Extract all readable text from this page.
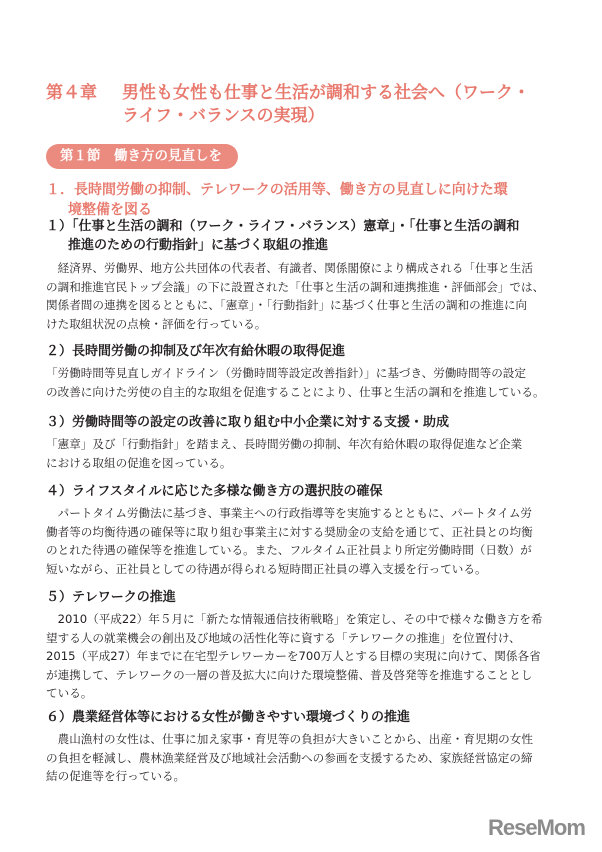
第４章 男性も女性も仕事と生活が調和する社会へ（ワーク・
ライフ・バランスの実現）
第１節　働き方の見直しを
１．長時間労働の抑制、テレワークの活用等、働き方の見直しに向けた環
境整備を図る
１）「仕事と生活の調和（ワーク・ライフ・バランス）憲章」・「仕事と生活の調和
推進のための行動指針」に基づく取組の推進
　経済界、労働界、地方公共団体の代表者、有識者、関係閣僚により構成される「仕事と生活
の調和推進官民トップ会議」の下に設置された「仕事と生活の調和連携推進・評価部会」では、
関係者間の連携を図るとともに、「憲章」・「行動指針」に基づく仕事と生活の調和の推進に向
けた取組状況の点検・評価を行っている。
２）長時間労働の抑制及び年次有給休暇の取得促進
「労働時間等見直しガイドライン（労働時間等設定改善指針）」に基づき、労働時間等の設定
の改善に向けた労使の自主的な取組を促進することにより、仕事と生活の調和を推進している。
３）労働時間等の設定の改善に取り組む中小企業に対する支援・助成
「憲章」及び「行動指針」を踏まえ、長時間労働の抑制、年次有給休暇の取得促進など企業
における取組の促進を図っている。
４）ライフスタイルに応じた多様な働き方の選択肢の確保
　パートタイム労働法に基づき、事業主への行政指導等を実施するとともに、パートタイム労
働者等の均衡待遇の確保等に取り組む事業主に対する奨励金の支給を通じて、正社員との均衡
のとれた待遇の確保等を推進している。また、フルタイム正社員より所定労働時間（日数）が
短いながら、正社員としての待遇が得られる短時間正社員の導入支援を行っている。
５）テレワークの推進
　2010（平成22）年５月に「新たな情報通信技術戦略」を策定し、その中で様々な働き方を希
望する人の就業機会の創出及び地域の活性化等に資する「テレワークの推進」を位置付け、
2015（平成27）年までに在宅型テレワーカーを700万人とする目標の実現に向けて、関係各省
が連携して、テレワークの一層の普及拡大に向けた環境整備、普及啓発等を推進することとし
ている。
６）農業経営体等における女性が働きやすい環境づくりの推進
　農山漁村の女性は、仕事に加え家事・育児等の負担が大きいことから、出産・育児期の女性
の負担を軽減し、農林漁業経営及び地域社会活動への参画を支援するため、家族経営協定の締
結の促進等を行っている。
ReseMom
